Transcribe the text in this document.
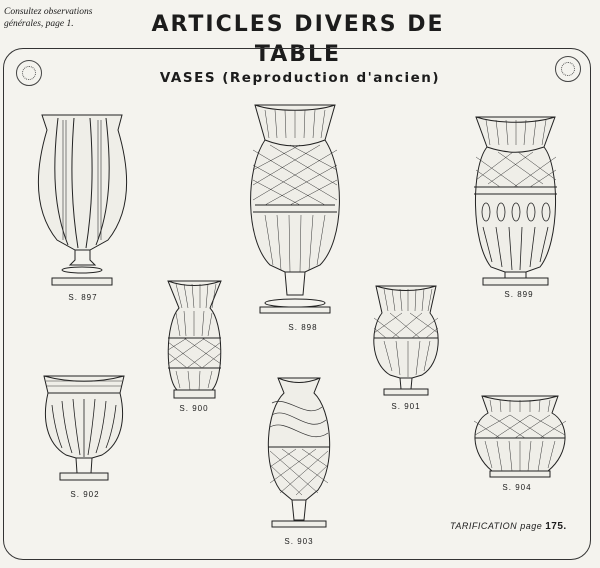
Consultez observations
générales, page 1.	ARTICLES DIVERS DE TABLE
VASES (Reproduction d'ancien)
S. 897
S. 898
S. 899
S. 900	S. 901
S. 902
S. 903
S. 904
TARIFICATION page 175.
